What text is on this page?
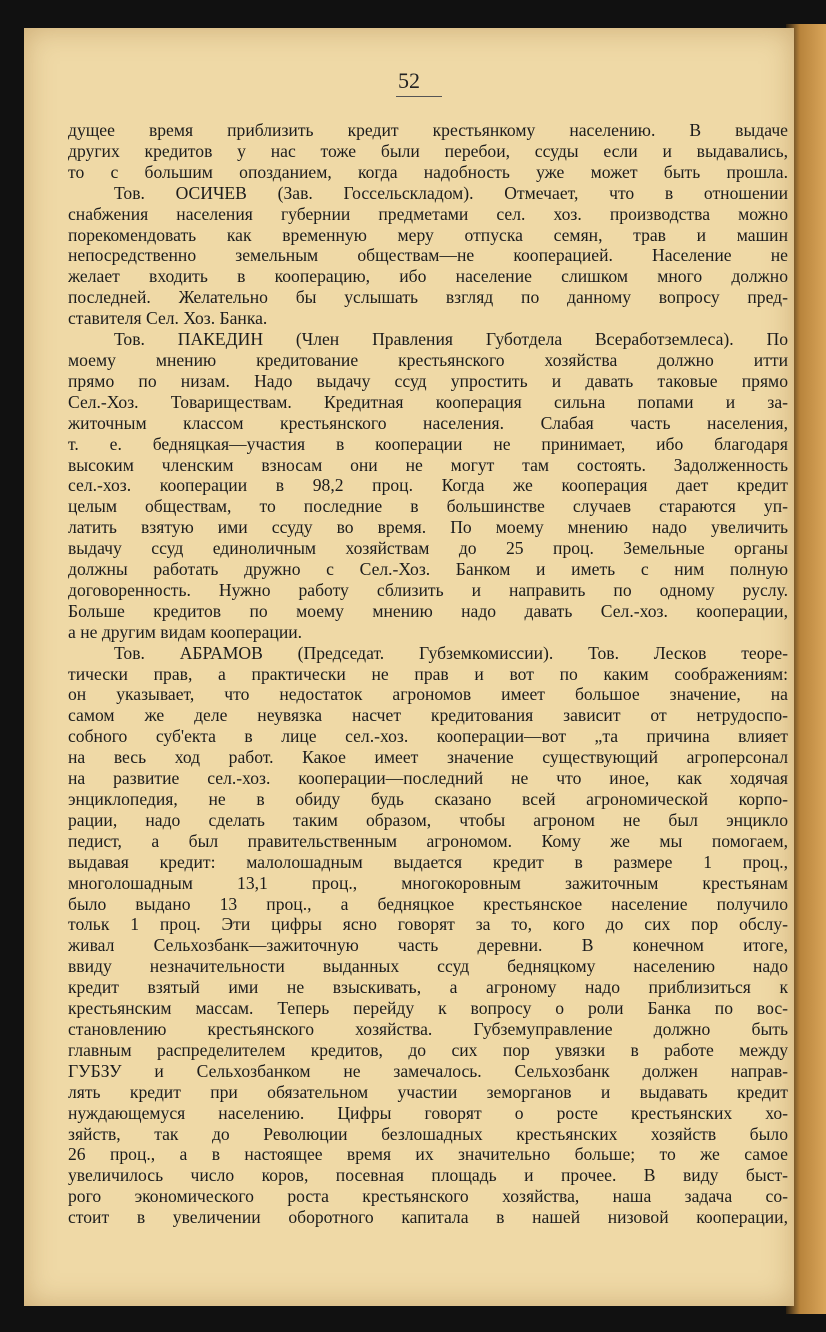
52
дущее время приблизить кредит крестьянкому населению. В выдаче
других кредитов у нас тоже были перебои, ссуды если и выдавались,
то с большим опозданием, когда надобность уже может быть прошла.
Тов. ОСИЧЕВ (Зав. Госсельскладом). Отмечает, что в отношении
снабжения населения губернии предметами сел. хоз. производства можно
порекомендовать как временную меру отпуска семян, трав и машин
непосредственно земельным обществам—не кооперацией. Население не
желает входить в кооперацию, ибо население слишком много должно
последней. Желательно бы услышать взгляд по данному вопросу пред-
ставителя Сел. Хоз. Банка.
Тов. ПАКЕДИН (Член Правления Губотдела Всеработземлеса). По
моему мнению кредитование крестьянского хозяйства должно итти
прямо по низам. Надо выдачу ссуд упростить и давать таковые прямо
Сел.-Хоз. Товариществам. Кредитная кооперация сильна попами и за-
житочным классом крестьянского населения. Слабая часть населения,
т. е. бедняцкая—участия в кооперации не принимает, ибо благодаря
высоким членским взносам они не могут там состоять. Задолженность
сел.-хоз. кооперации в 98,2 проц. Когда же кооперация дает кредит
целым обществам, то последние в большинстве случаев стараются уп-
латить взятую ими ссуду во время. По моему мнению надо увеличить
выдачу ссуд единоличным хозяйствам до 25 проц. Земельные органы
должны работать дружно с Сел.-Хоз. Банком и иметь с ним полную
договоренность. Нужно работу сблизить и направить по одному руслу.
Больше кредитов по моему мнению надо давать Сел.-хоз. кооперации,
а не другим видам кооперации.
Тов. АБРАМОВ (Председат. Губземкомиссии). Тов. Лесков теоре-
тически прав, а практически не прав и вот по каким соображениям:
он указывает, что недостаток агрономов имеет большое значение, на
самом же деле неувязка насчет кредитования зависит от нетрудоспо-
собного суб'екта в лице сел.-хоз. кооперации—вот „та причина влияет
на весь ход работ. Какое имеет значение существующий агроперсонал
на развитие сел.-хоз. кооперации—последний не что иное, как ходячая
энциклопедия, не в обиду будь сказано всей агрономической корпо-
рации, надо сделать таким образом, чтобы агроном не был энцикло
педист, а был правительственным агрономом. Кому же мы помогаем,
выдавая кредит: малолошадным выдается кредит в размере 1 проц.,
многолошадным 13,1 проц., многокоровным зажиточным крестьянам
было выдано 13 проц., а бедняцкое крестьянское население получило
тольк 1 проц. Эти цифры ясно говорят за то, кого до сих пор обслу-
живал Сельхозбанк—зажиточную часть деревни. В конечном итоге,
ввиду незначительности выданных ссуд бедняцкому населению надо
кредит взятый ими не взыскивать, а агроному надо приблизиться к
крестьянским массам. Теперь перейду к вопросу о роли Банка по вос-
становлению крестьянского хозяйства. Губземуправление должно быть
главным распределителем кредитов, до сих пор увязки в работе между
ГУБЗУ и Сельхозбанком не замечалось. Сельхозбанк должен направ-
лять кредит при обязательном участии земорганов и выдавать кредит
нуждающемуся населению. Цифры говорят о росте крестьянских хо-
зяйств, так до Революции безлошадных крестьянских хозяйств было
26 проц., а в настоящее время их значительно больше; то же самое
увеличилось число коров, посевная площадь и прочее. В виду быст-
рого экономического роста крестьянского хозяйства, наша задача со-
стоит в увеличении оборотного капитала в нашей низовой кооперации,
